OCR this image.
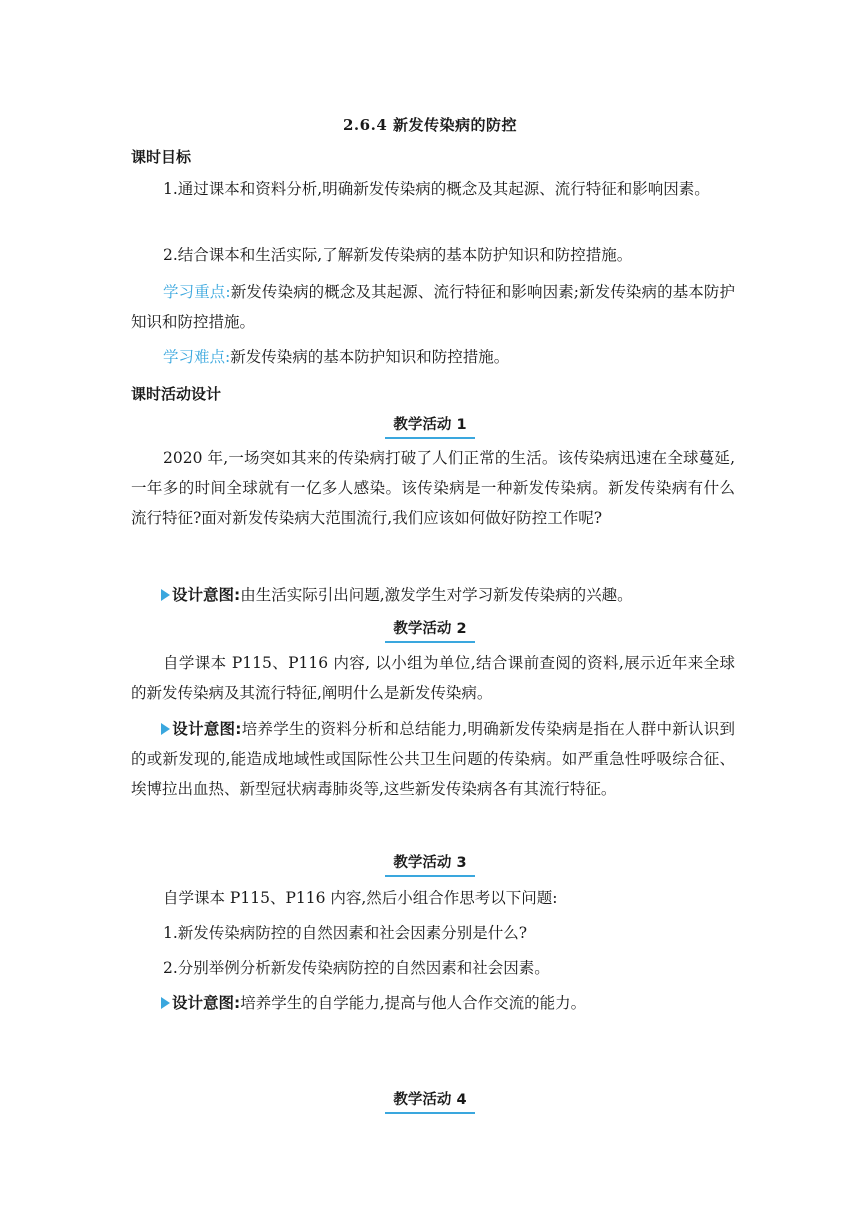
2.6.4 新发传染病的防控
课时目标
1.通过课本和资料分析,明确新发传染病的概念及其起源、流行特征和影响因素。
2.结合课本和生活实际,了解新发传染病的基本防护知识和防控措施。
学习重点:新发传染病的概念及其起源、流行特征和影响因素;新发传染病的基本防护知识和防控措施。
学习难点:新发传染病的基本防护知识和防控措施。
课时活动设计
教学活动 1
2020 年,一场突如其来的传染病打破了人们正常的生活。该传染病迅速在全球蔓延,一年多的时间全球就有一亿多人感染。该传染病是一种新发传染病。新发传染病有什么流行特征?面对新发传染病大范围流行,我们应该如何做好防控工作呢?
设计意图:由生活实际引出问题,激发学生对学习新发传染病的兴趣。
教学活动 2
自学课本 P115、P116 内容, 以小组为单位,结合课前查阅的资料,展示近年来全球的新发传染病及其流行特征,阐明什么是新发传染病。
设计意图:培养学生的资料分析和总结能力,明确新发传染病是指在人群中新认识到的或新发现的,能造成地域性或国际性公共卫生问题的传染病。如严重急性呼吸综合征、埃博拉出血热、新型冠状病毒肺炎等,这些新发传染病各有其流行特征。
教学活动 3
自学课本 P115、P116 内容,然后小组合作思考以下问题:
1.新发传染病防控的自然因素和社会因素分别是什么?
2.分别举例分析新发传染病防控的自然因素和社会因素。
设计意图:培养学生的自学能力,提高与他人合作交流的能力。
教学活动 4
